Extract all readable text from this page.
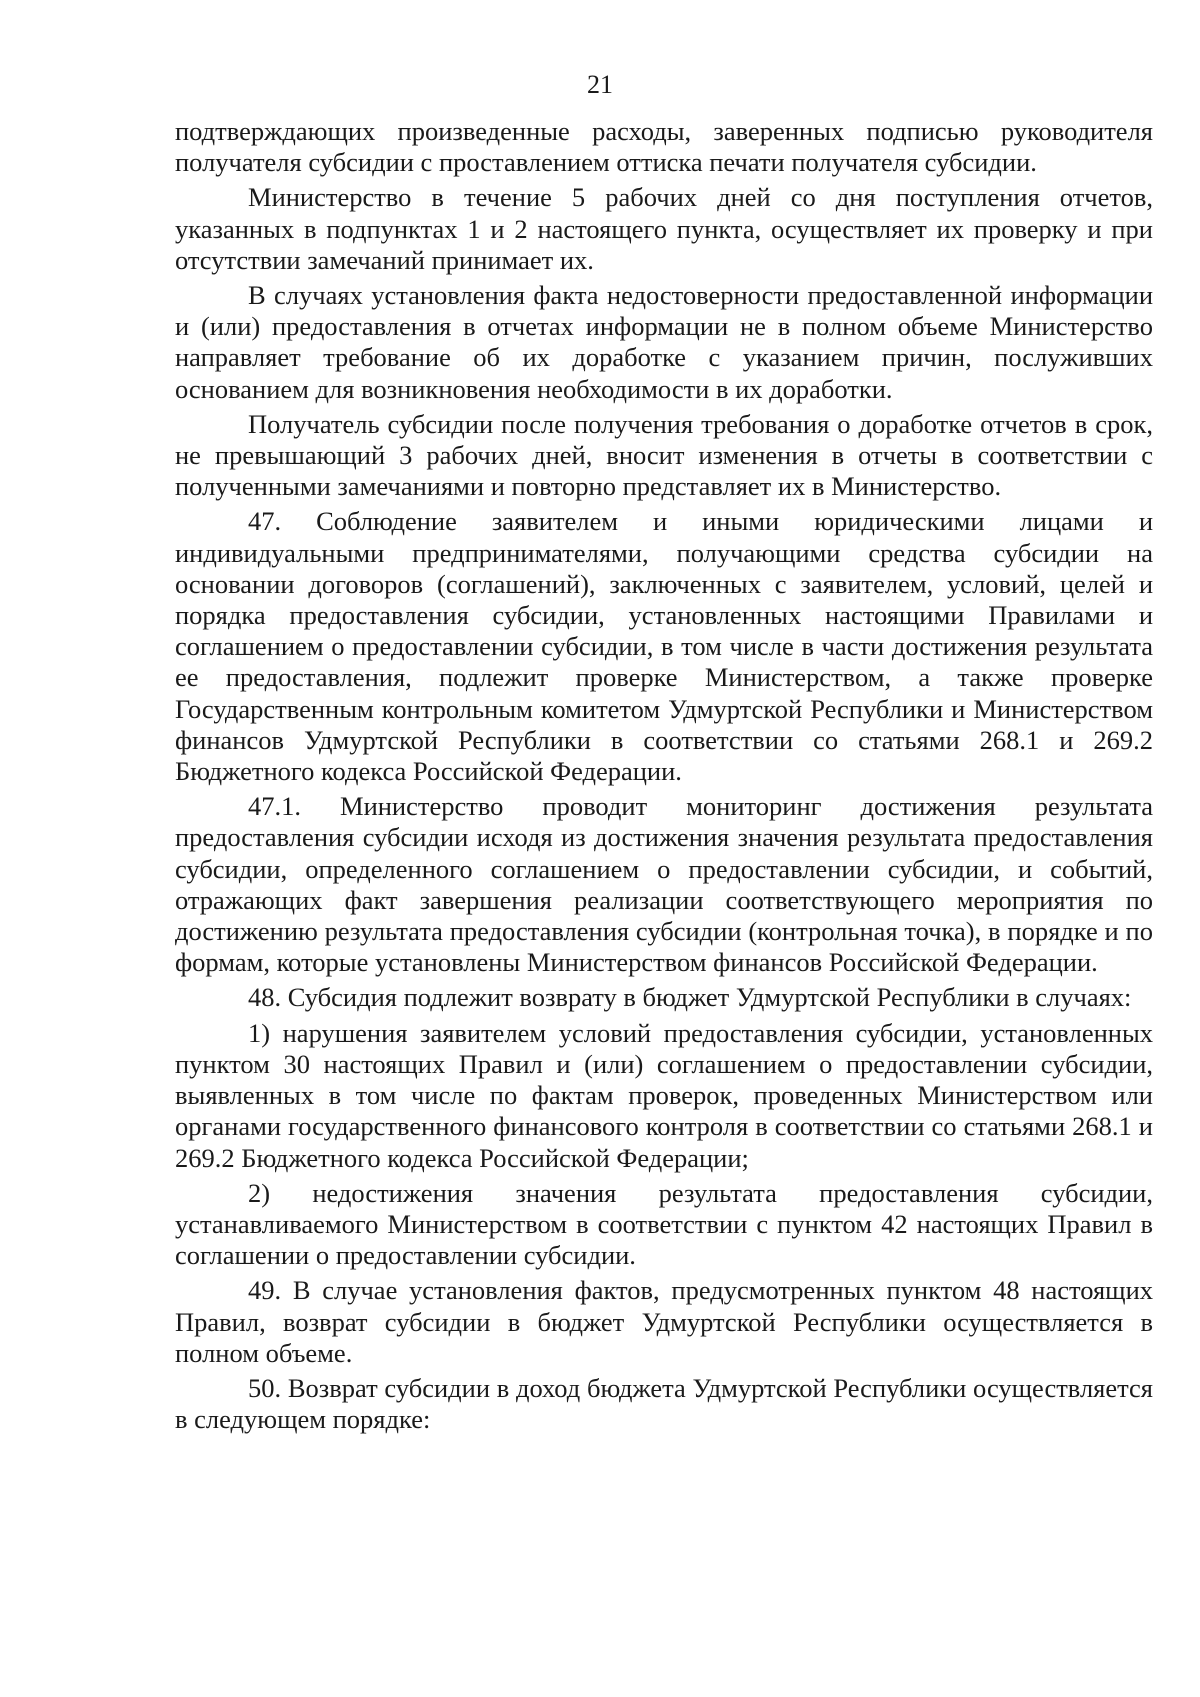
21

подтверждающих произведенные расходы, заверенных подписью руководителя получателя субсидии с проставлением оттиска печати получателя субсидии.

Министерство в течение 5 рабочих дней со дня поступления отчетов, указанных в подпунктах 1 и 2 настоящего пункта, осуществляет их проверку и при отсутствии замечаний принимает их.

В случаях установления факта недостоверности предоставленной информации и (или) предоставления в отчетах информации не в полном объеме Министерство направляет требование об их доработке с указанием причин, послуживших основанием для возникновения необходимости в их доработки.

Получатель субсидии после получения требования о доработке отчетов в срок, не превышающий 3 рабочих дней, вносит изменения в отчеты в соответствии с полученными замечаниями и повторно представляет их в Министерство.

47. Соблюдение заявителем и иными юридическими лицами и индивидуальными предпринимателями, получающими средства субсидии на основании договоров (соглашений), заключенных с заявителем, условий, целей и порядка предоставления субсидии, установленных настоящими Правилами и соглашением о предоставлении субсидии, в том числе в части достижения результата ее предоставления, подлежит проверке Министерством, а также проверке Государственным контрольным комитетом Удмуртской Республики и Министерством финансов Удмуртской Республики в соответствии со статьями 268.1 и 269.2 Бюджетного кодекса Российской Федерации.

47.1. Министерство проводит мониторинг достижения результата предоставления субсидии исходя из достижения значения результата предоставления субсидии, определенного соглашением о предоставлении субсидии, и событий, отражающих факт завершения реализации соответствующего мероприятия по достижению результата предоставления субсидии (контрольная точка), в порядке и по формам, которые установлены Министерством финансов Российской Федерации.

48. Субсидия подлежит возврату в бюджет Удмуртской Республики в случаях:

1) нарушения заявителем условий предоставления субсидии, установленных пунктом 30 настоящих Правил и (или) соглашением о предоставлении субсидии, выявленных в том числе по фактам проверок, проведенных Министерством или органами государственного финансового контроля в соответствии со статьями 268.1 и 269.2 Бюджетного кодекса Российской Федерации;

2) недостижения значения результата предоставления субсидии, устанавливаемого Министерством в соответствии с пунктом 42 настоящих Правил в соглашении о предоставлении субсидии.

49. В случае установления фактов, предусмотренных пунктом 48 настоящих Правил, возврат субсидии в бюджет Удмуртской Республики осуществляется в полном объеме.

50. Возврат субсидии в доход бюджета Удмуртской Республики осуществляется в следующем порядке:
